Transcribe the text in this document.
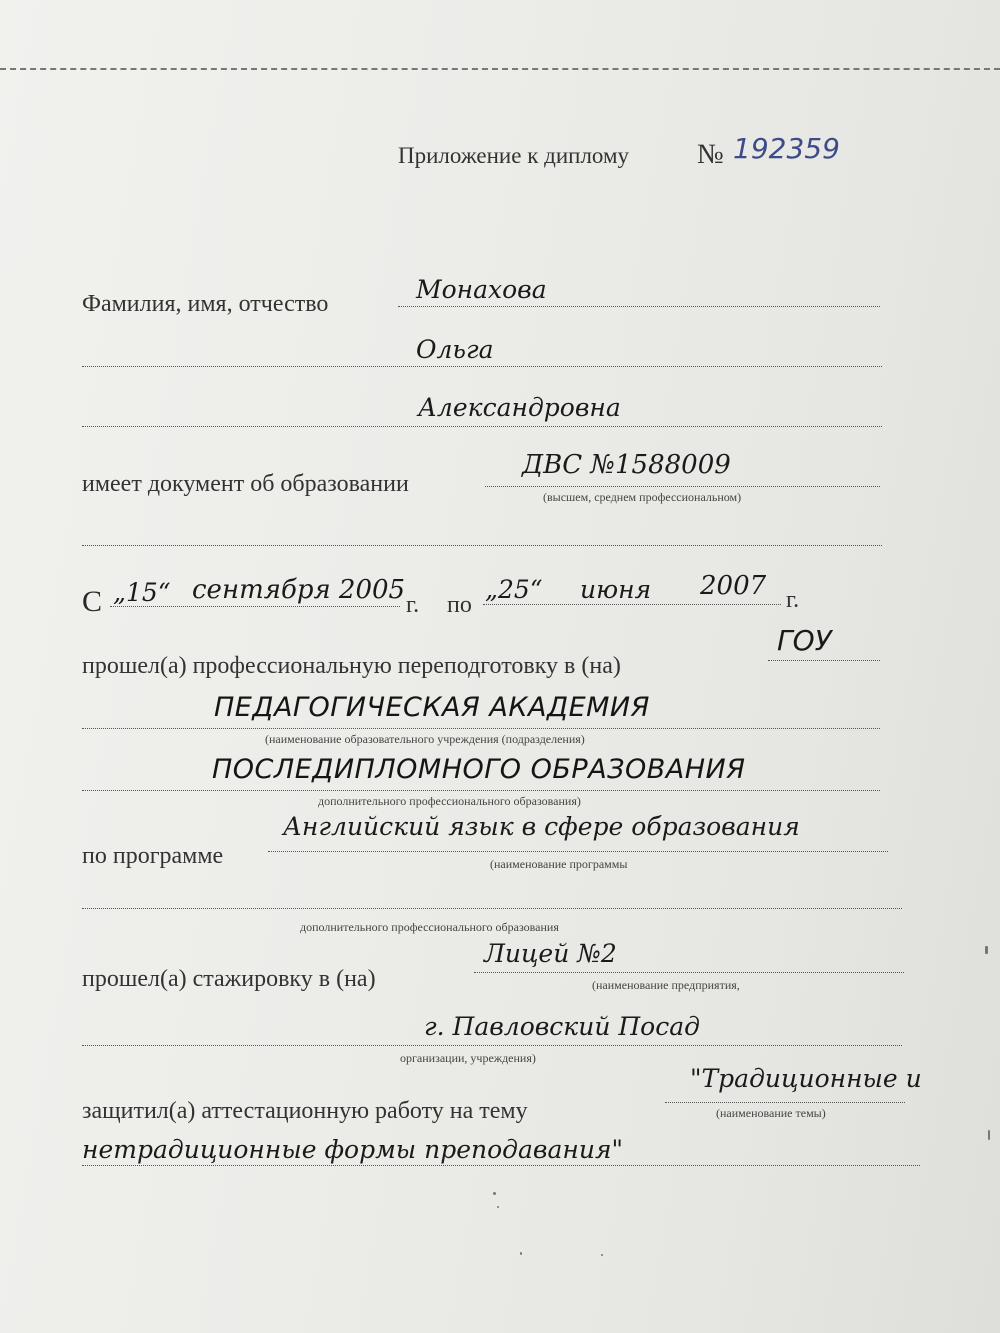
Приложение к диплому № 192359
Фамилия, имя, отчество	Монахова
Ольга
Александровна
имеет документ об образовании
ДВС №1588009
(высшем, среднем профессиональном)
С „15“ сентября 2005 г. по
„25“ июня 2007 г.
прошел(а) профессиональную переподготовку в (на)
ГОУ
ПЕДАГОГИЧЕСКАЯ АКАДЕМИЯ
(наименование образовательного учреждения (подразделения)
ПОСЛЕДИПЛОМНОГО ОБРАЗОВАНИЯ
дополнительного профессионального образования)
по программе
Английский язык в сфере образования
(наименование программы
дополнительного профессионального образования
прошел(а) стажировку в (на)
Лицей №2
(наименование предприятия,
г. Павловский Посад
организации, учреждения)
защитил(а) аттестационную работу на тему
"Традиционные и
(наименование темы)
нетрадиционные формы преподавания"
